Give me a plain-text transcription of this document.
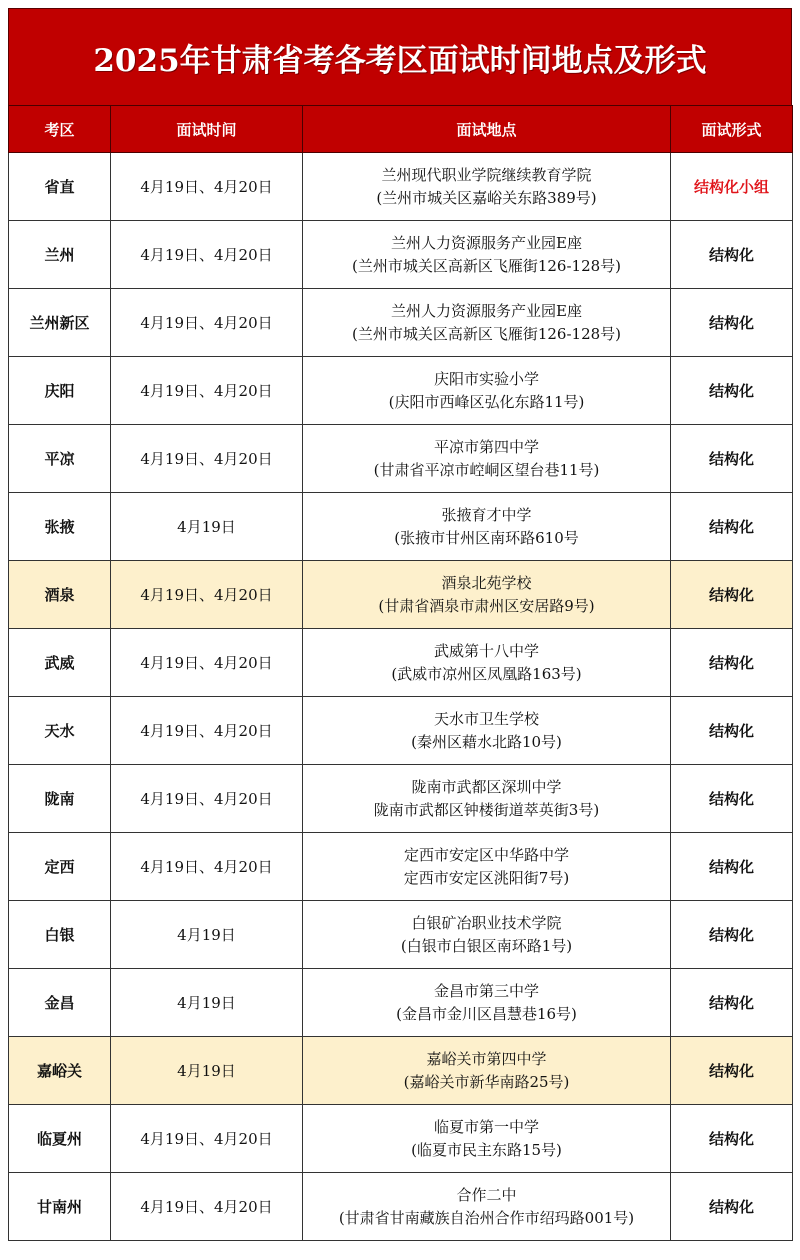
2025年甘肃省考各考区面试时间地点及形式
考区	面试时间	面试地点	面试形式
省直	4月19日、4月20日	兰州现代职业学院继续教育学院
(兰州市城关区嘉峪关东路389号)	结构化小组
兰州	4月19日、4月20日	兰州人力资源服务产业园E座
(兰州市城关区高新区飞雁街126-128号)	结构化
兰州新区	4月19日、4月20日	兰州人力资源服务产业园E座
(兰州市城关区高新区飞雁街126-128号)	结构化
庆阳	4月19日、4月20日	庆阳市实验小学
(庆阳市西峰区弘化东路11号)	结构化
平凉	4月19日、4月20日	平凉市第四中学
(甘肃省平凉市崆峒区望台巷11号)	结构化
张掖	4月19日	张掖育才中学
(张掖市甘州区南环路610号	结构化
酒泉	4月19日、4月20日	酒泉北苑学校
(甘肃省酒泉市肃州区安居路9号)	结构化
武威	4月19日、4月20日	武威第十八中学
(武威市凉州区凤凰路163号)	结构化
天水	4月19日、4月20日	天水市卫生学校
(秦州区藉水北路10号)	结构化
陇南	4月19日、4月20日	陇南市武都区深圳中学
陇南市武都区钟楼街道萃英街3号)	结构化
定西	4月19日、4月20日	定西市安定区中华路中学
定西市安定区洮阳街7号)	结构化
白银	4月19日	白银矿冶职业技术学院
(白银市白银区南环路1号)	结构化
金昌	4月19日	金昌市第三中学
(金昌市金川区昌慧巷16号)	结构化
嘉峪关	4月19日	嘉峪关市第四中学
(嘉峪关市新华南路25号)	结构化
临夏州	4月19日、4月20日	临夏市第一中学
(临夏市民主东路15号)	结构化
甘南州	4月19日、4月20日	合作二中
(甘肃省甘南藏族自治州合作市绍玛路001号)	结构化
